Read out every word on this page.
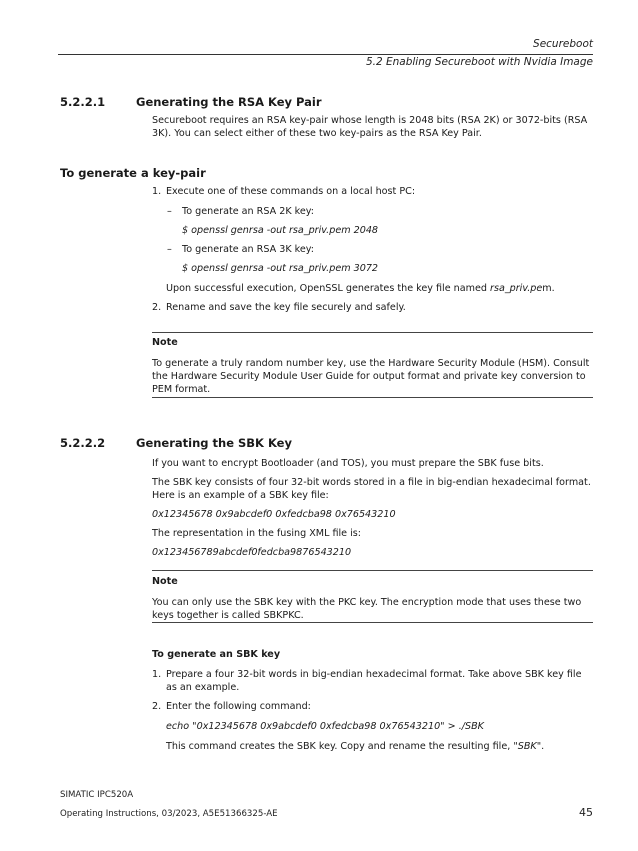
Secureboot
5.2 Enabling Secureboot with Nvidia Image
5.2.2.1	Generating the RSA Key Pair
Secureboot requires an RSA key-pair whose length is 2048 bits (RSA 2K) or 3072-bits (RSA 3K). You can select either of these two key-pairs as the RSA Key Pair.
To generate a key-pair
1. Execute one of these commands on a local host PC:
– To generate an RSA 2K key:
$ openssl genrsa -out rsa_priv.pem 2048
– To generate an RSA 3K key:
$ openssl genrsa -out rsa_priv.pem 3072
Upon successful execution, OpenSSL generates the key file named rsa_priv.pem.
2. Rename and save the key file securely and safely.
Note
To generate a truly random number key, use the Hardware Security Module (HSM). Consult the Hardware Security Module User Guide for output format and private key conversion to PEM format.
5.2.2.2	Generating the SBK Key
If you want to encrypt Bootloader (and TOS), you must prepare the SBK fuse bits.
The SBK key consists of four 32-bit words stored in a file in big-endian hexadecimal format. Here is an example of a SBK key file:
0x12345678 0x9abcdef0 0xfedcba98 0x76543210
The representation in the fusing XML file is:
0x123456789abcdef0fedcba9876543210
Note
You can only use the SBK key with the PKC key. The encryption mode that uses these two keys together is called SBKPKC.
To generate an SBK key
1. Prepare a four 32-bit words in big-endian hexadecimal format. Take above SBK key file as an example.
2. Enter the following command:
echo "0x12345678 0x9abcdef0 0xfedcba98 0x76543210" > ./SBK
This command creates the SBK key. Copy and rename the resulting file, "SBK".
SIMATIC IPC520A
Operating Instructions, 03/2023, A5E51366325-AE	45
